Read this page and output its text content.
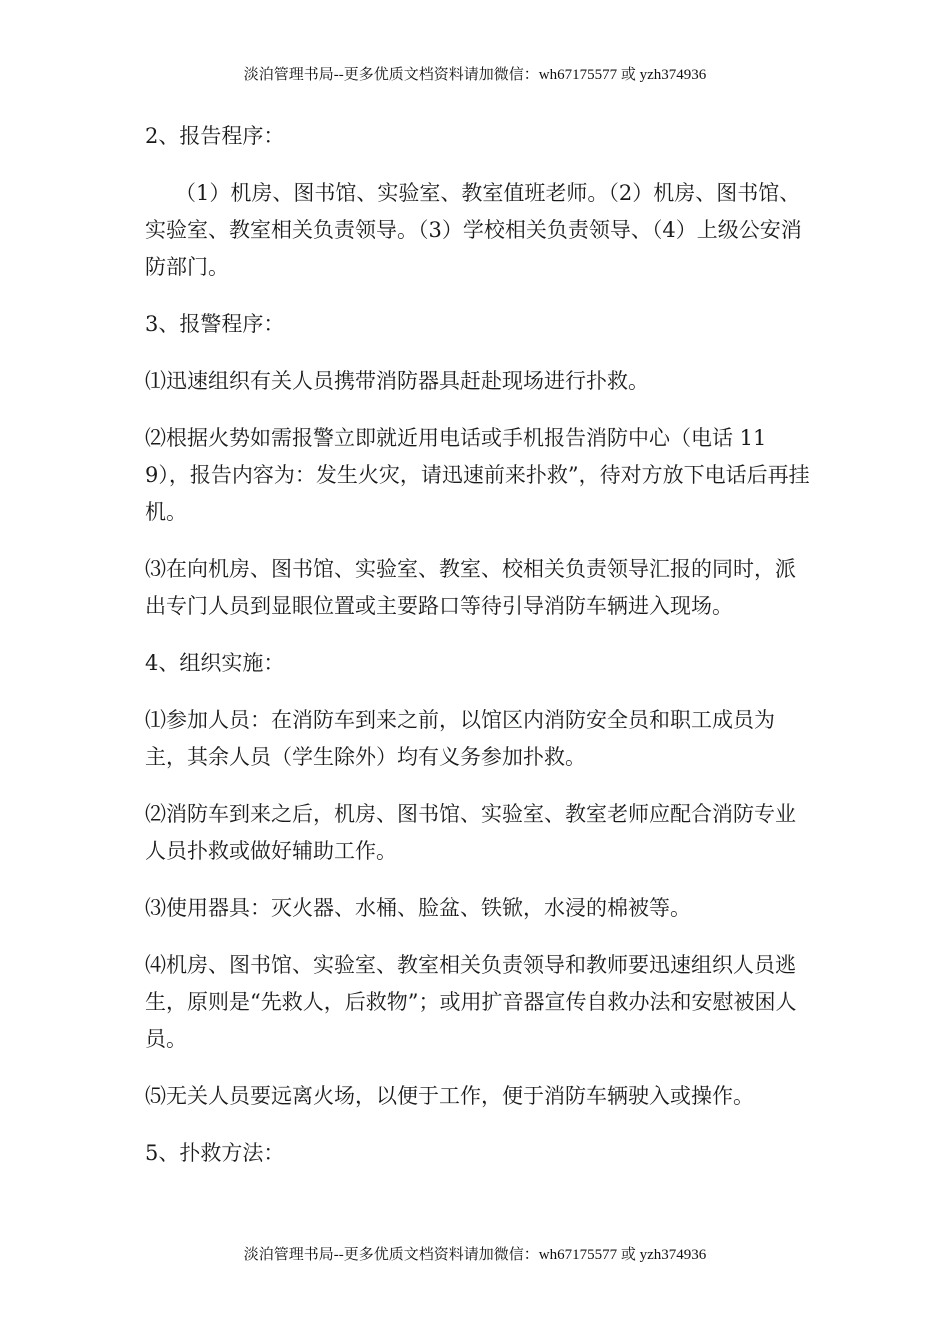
淡泊管理书局--更多优质文档资料请加微信：wh67175577 或 yzh374936

2、报告程序：

（1）机房、图书馆、实验室、教室值班老师。（2）机房、图书馆、实验室、教室相关负责领导。（3）学校相关负责领导、（4）上级公安消防部门。

3、报警程序：

⑴迅速组织有关人员携带消防器具赶赴现场进行扑救。

⑵根据火势如需报警立即就近用电话或手机报告消防中心（电话 119），报告内容为：发生火灾，请迅速前来扑救”，待对方放下电话后再挂机。

⑶在向机房、图书馆、实验室、教室、校相关负责领导汇报的同时，派出专门人员到显眼位置或主要路口等待引导消防车辆进入现场。

4、组织实施：

⑴参加人员：在消防车到来之前，以馆区内消防安全员和职工成员为主，其余人员（学生除外）均有义务参加扑救。

⑵消防车到来之后，机房、图书馆、实验室、教室老师应配合消防专业人员扑救或做好辅助工作。

⑶使用器具：灭火器、水桶、脸盆、铁锨，水浸的棉被等。

⑷机房、图书馆、实验室、教室相关负责领导和教师要迅速组织人员逃生，原则是“先救人，后救物”；或用扩音器宣传自救办法和安慰被困人员。

⑸无关人员要远离火场，以便于工作，便于消防车辆驶入或操作。

5、扑救方法：

淡泊管理书局--更多优质文档资料请加微信：wh67175577 或 yzh374936
